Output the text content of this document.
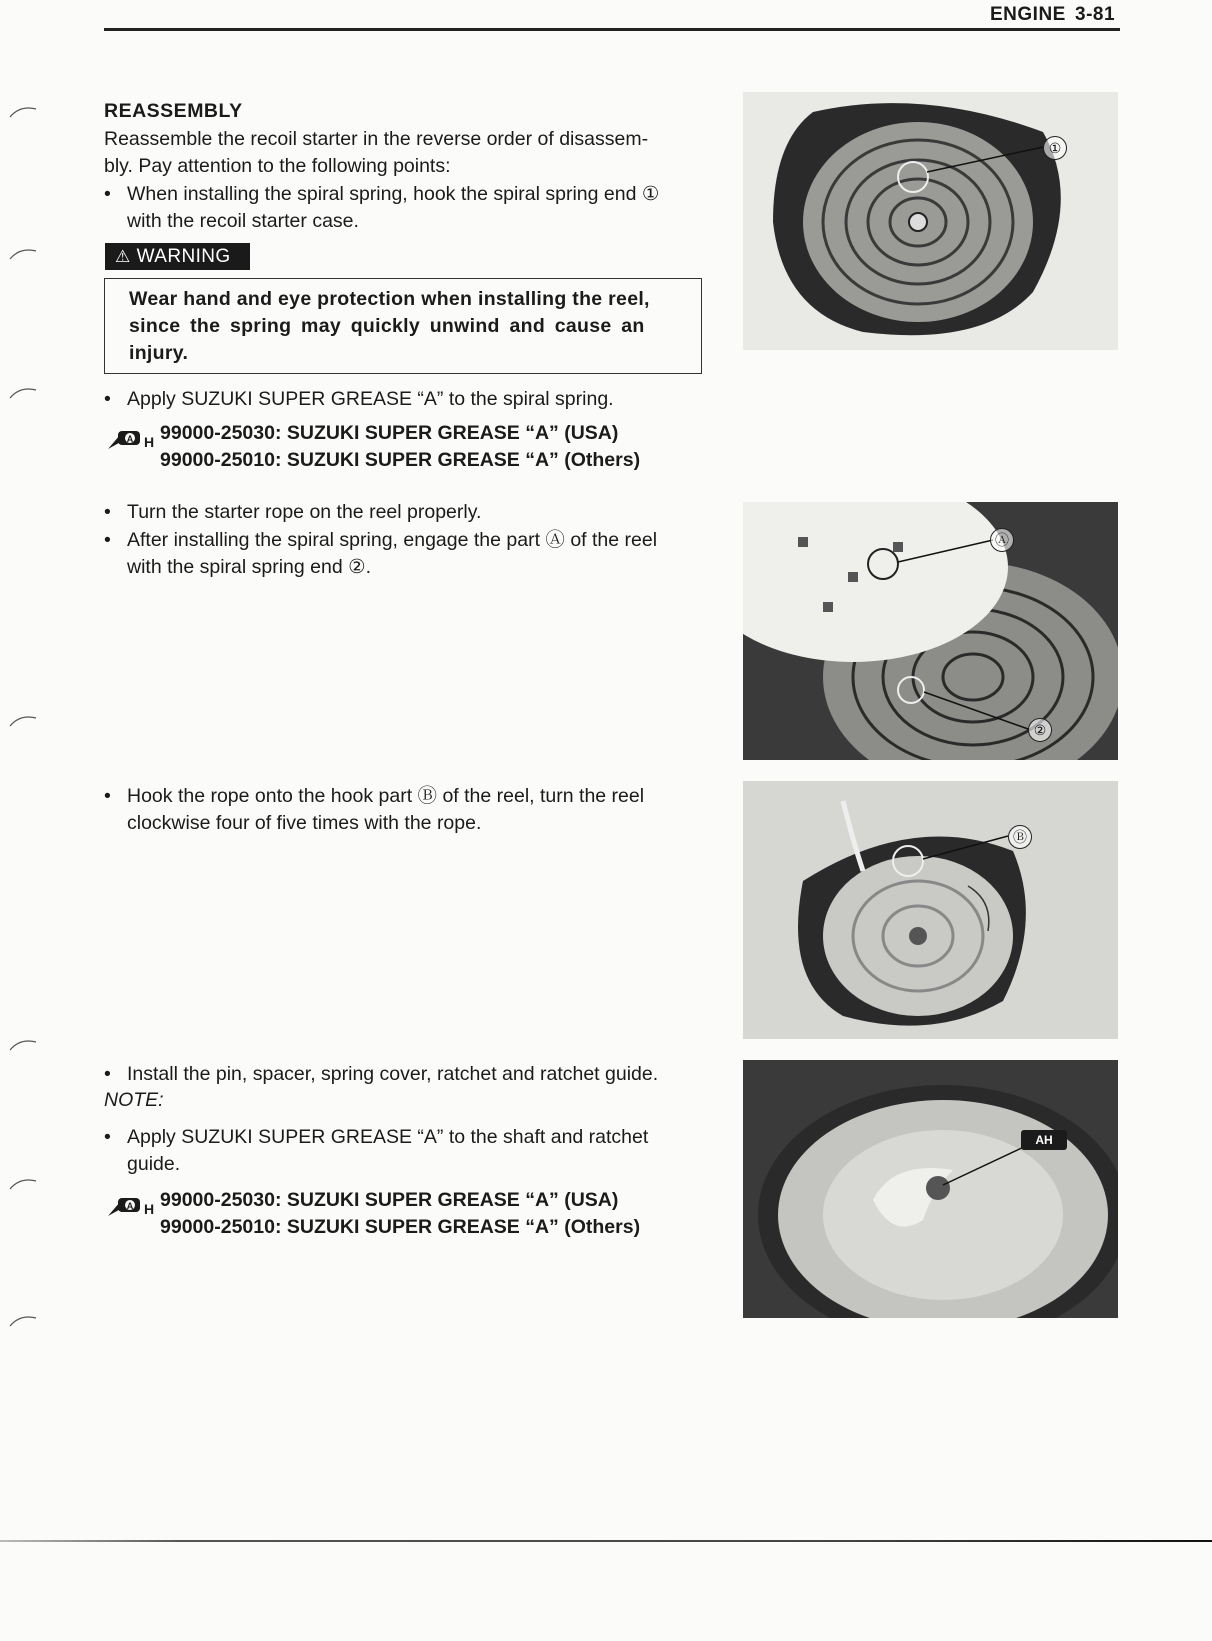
ENGINE 3-81
REASSEMBLY
Reassemble the recoil starter in the reverse order of disassem-
bly. Pay attention to the following points:
• When installing the spiral spring, hook the spiral spring end ①
with the recoil starter case.
⚠ WARNING
Wear hand and eye protection when installing the reel,
since the spring may quickly unwind and cause an
injury.
• Apply SUZUKI SUPER GREASE “A” to the spiral spring.
A H 99000-25030: SUZUKI SUPER GREASE “A” (USA)
99000-25010: SUZUKI SUPER GREASE “A” (Others)
• Turn the starter rope on the reel properly.
• After installing the spiral spring, engage the part Ⓐ of the reel
with the spiral spring end ②.
• Hook the rope onto the hook part Ⓑ of the reel, turn the reel
clockwise four of five times with the rope.
• Install the pin, spacer, spring cover, ratchet and ratchet guide.
NOTE:
• Apply SUZUKI SUPER GREASE “A” to the shaft and ratchet
guide.
A H 99000-25030: SUZUKI SUPER GREASE “A” (USA)
99000-25010: SUZUKI SUPER GREASE “A” (Others)
①
Ⓐ
②
Ⓑ
AH
